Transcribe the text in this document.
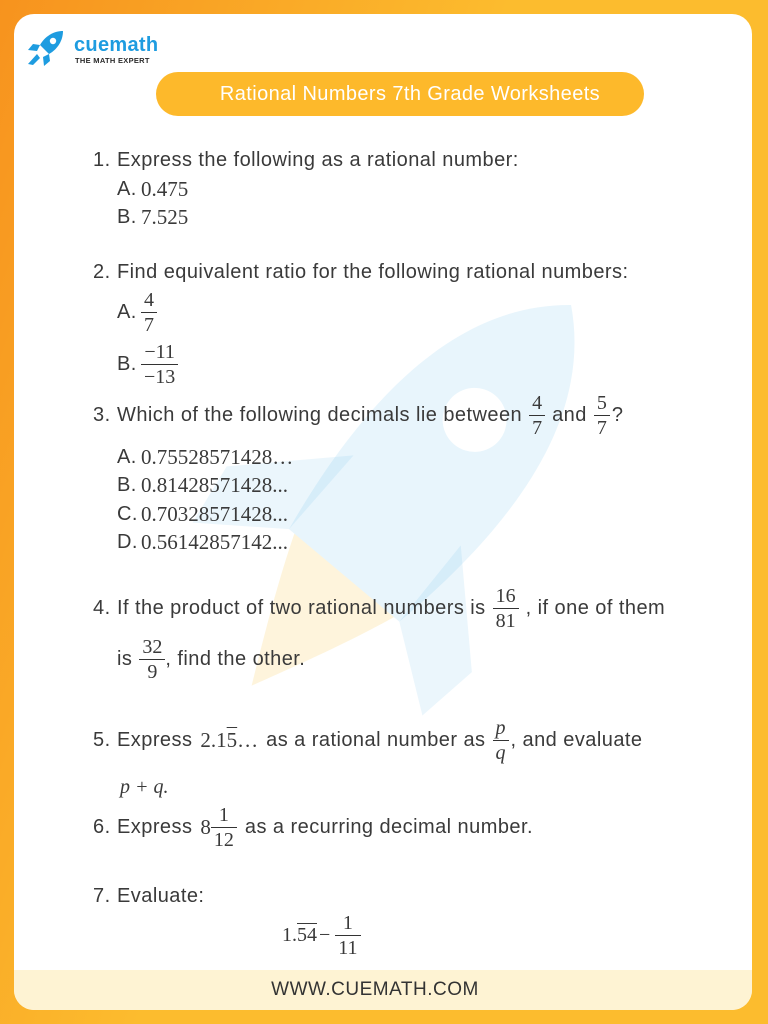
WWW.CUEMATH.COM
cuemath
THE MATH EXPERT
Rational Numbers 7th Grade Worksheets
1. Express the following as a rational number:
A. 0.475
B. 7.525
2. Find equivalent ratio for the following rational numbers:
A. $\frac{4}{7}$
B. $\frac{-11}{-13}$
3. Which of the following decimals lie between $\frac{4}{7}$ and $\frac{5}{7}$ ?
A. 0.75528571428…
B. 0.81428571428...
C. 0.70328571428...
D. 0.56142857142...
4. If the product of two rational numbers is $\frac{16}{81}$ , if one of them
is $\frac{32}{9}$ , find the other.
5. Express 2.15… as a rational number as $\frac{p}{q}$ , and evaluate
p + q.
6. Express $8 \frac{1}{12}$ as a recurring decimal number.
7. Evaluate:
$1.54 - \frac{1}{11}$
